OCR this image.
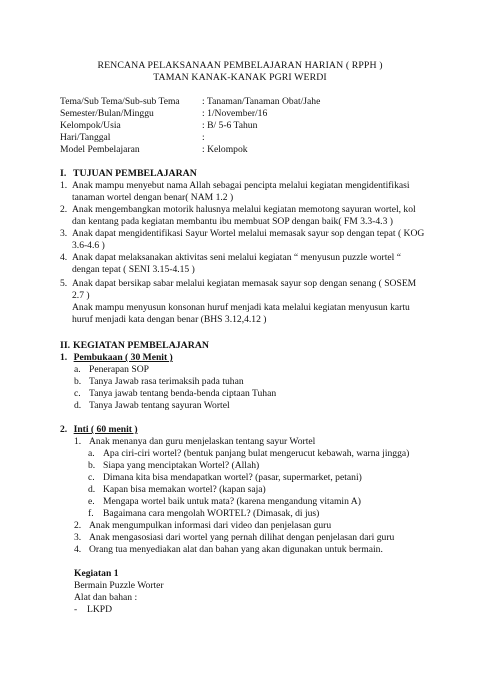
RENCANA PELAKSANAAN PEMBELAJARAN HARIAN ( RPPH )
TAMAN KANAK-KANAK PGRI WERDI
Tema/Sub Tema/Sub-sub Tema : Tanaman/Tanaman Obat/Jahe
Semester/Bulan/Minggu	: 1/November/16
Kelompok/Usia	: B/ 5-6 Tahun
Hari/Tanggal	:
Model Pembelajaran	: Kelompok
I. TUJUAN PEMBELAJARAN
1. Anak mampu menyebut nama Allah sebagai pencipta melalui kegiatan mengidentifikasi
tanaman wortel dengan benar( NAM 1.2 )
2. Anak mengembangkan motorik halusnya melalui kegiatan memotong sayuran wortel, kol
dan kentang pada kegiatan membantu ibu membuat SOP dengan baik( FM 3.3-4.3 )
3. Anak dapat mengidentifikasi Sayur Wortel melalui memasak sayur sop dengan tepat ( KOG
3.6-4.6 )
4. Anak dapat melaksanakan aktivitas seni melalui kegiatan “ menyusun puzzle wortel “
dengan tepat ( SENI 3.15-4.15 )
5. Anak dapat bersikap sabar melalui kegiatan memasak sayur sop dengan senang ( SOSEM
2.7 )
Anak mampu menyusun konsonan huruf menjadi kata melalui kegiatan menyusun kartu
huruf menjadi kata dengan benar (BHS 3.12,4.12 )
II. KEGIATAN PEMBELAJARAN
1. Pembukaan ( 30 Menit )
a. Penerapan SOP
b. Tanya Jawab rasa terimaksih pada tuhan
c. Tanya jawab tentang benda-benda ciptaan Tuhan
d. Tanya Jawab tentang sayuran Wortel
2. Inti ( 60 menit )
1. Anak menanya dan guru menjelaskan tentang sayur Wortel
a. Apa ciri-ciri wortel? (bentuk panjang bulat mengerucut kebawah, warna jingga)
b. Siapa yang menciptakan Wortel? (Allah)
c. Dimana kita bisa mendapatkan wortel? (pasar, supermarket, petani)
d. Kapan bisa memakan wortel? (kapan saja)
e. Mengapa wortel baik untuk mata? (karena mengandung vitamin A)
f. Bagaimana cara mengolah WORTEL? (Dimasak, di jus)
2. Anak mengumpulkan informasi dari video dan penjelasan guru
3. Anak mengasosiasi dari wortel yang pernah dilihat dengan penjelasan dari guru
4. Orang tua menyediakan alat dan bahan yang akan digunakan untuk bermain.
Kegiatan 1
Bermain Puzzle Worter
Alat dan bahan :
- LKPD
